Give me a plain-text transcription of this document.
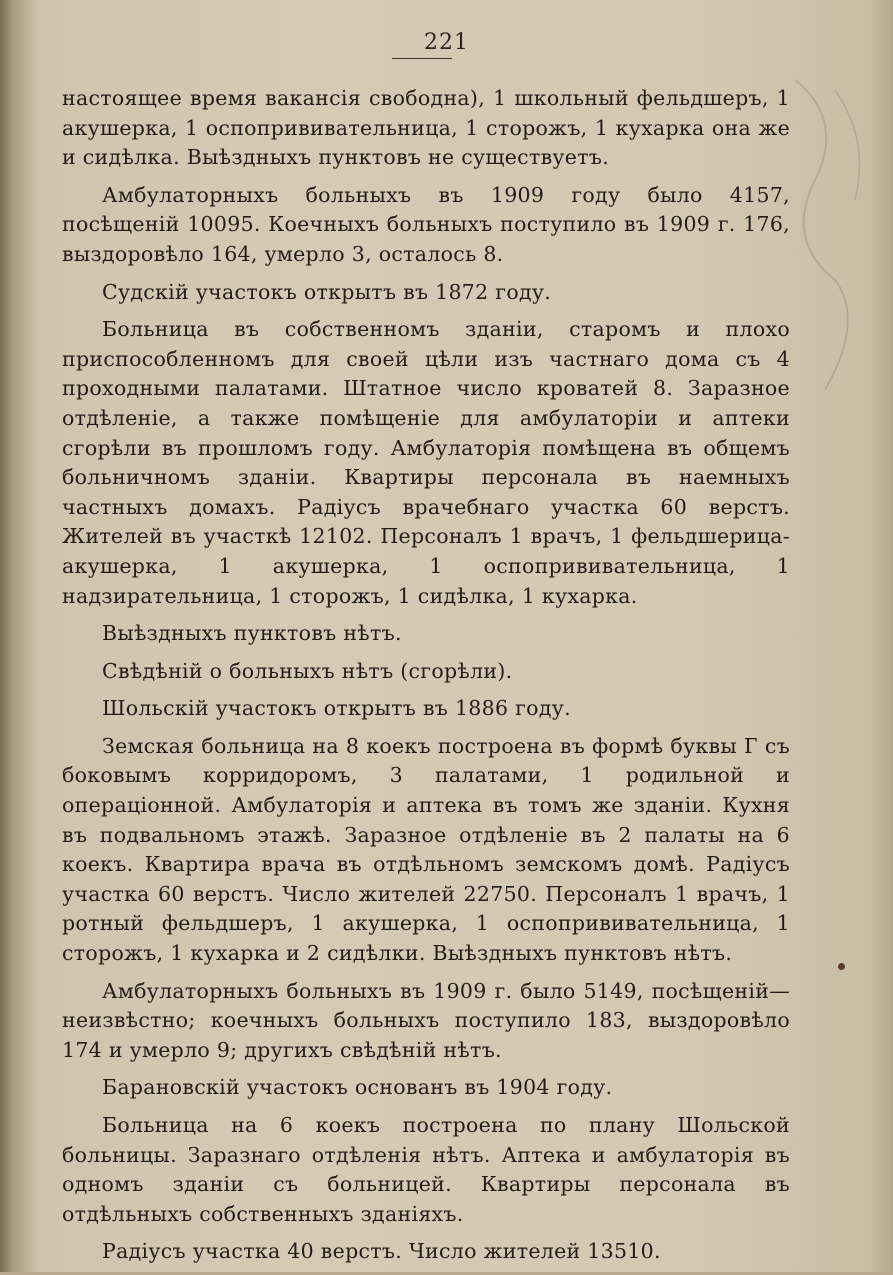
221

настоящее время вакансія свободна), 1 школьный фельдшеръ, 1 акушерка, 1 оспопрививательница, 1 сторожъ, 1 кухарка она же и сидѣлка. Выѣздныхъ пунктовъ не существуетъ.

Амбулаторныхъ больныхъ въ 1909 году было 4157, посѣщеній 10095. Коечныхъ больныхъ поступило въ 1909 г. 176, выздоровѣло 164, умерло 3, осталось 8.

Судскій участокъ открытъ въ 1872 году.

Больница въ собственномъ зданіи, старомъ и плохо приспособленномъ для своей цѣли изъ частнаго дома съ 4 проходными палатами. Штатное число кроватей 8. Заразное отдѣленіе, а также помѣщеніе для амбулаторіи и аптеки сгорѣли въ прошломъ году. Амбулаторія помѣщена въ общемъ больничномъ зданіи. Квартиры персонала въ наемныхъ частныхъ домахъ. Радіусъ врачебнаго участка 60 верстъ. Жителей въ участкѣ 12102. Персоналъ 1 врачъ, 1 фельдшерица-акушерка, 1 акушерка, 1 оспопрививательница, 1 надзирательница, 1 сторожъ, 1 сидѣлка, 1 кухарка.

Выѣздныхъ пунктовъ нѣтъ.

Свѣдѣній о больныхъ нѣтъ (сгорѣли).

Шольскій участокъ открытъ въ 1886 году.

Земская больница на 8 коекъ построена въ формѣ буквы Г съ боковымъ корридоромъ, 3 палатами, 1 родильной и операціонной. Амбулаторія и аптека въ томъ же зданіи. Кухня въ подвальномъ этажѣ. Заразное отдѣленіе въ 2 палаты на 6 коекъ. Квартира врача въ отдѣльномъ земскомъ домѣ. Радіусъ участка 60 верстъ. Число жителей 22750. Персоналъ 1 врачъ, 1 ротный фельдшеръ, 1 акушерка, 1 оспопрививательница, 1 сторожъ, 1 кухарка и 2 сидѣлки. Выѣздныхъ пунктовъ нѣтъ.

Амбулаторныхъ больныхъ въ 1909 г. было 5149, посѣщеній— неизвѣстно; коечныхъ больныхъ поступило 183, выздоровѣло 174 и умерло 9; другихъ свѣдѣній нѣтъ.

Барановскій участокъ основанъ въ 1904 году.

Больница на 6 коекъ построена по плану Шольской больницы. Заразнаго отдѣленія нѣтъ. Аптека и амбулаторія въ одномъ зданіи съ больницей. Квартиры персонала въ отдѣльныхъ собственныхъ зданіяхъ.

Радіусъ участка 40 верстъ. Число жителей 13510.
